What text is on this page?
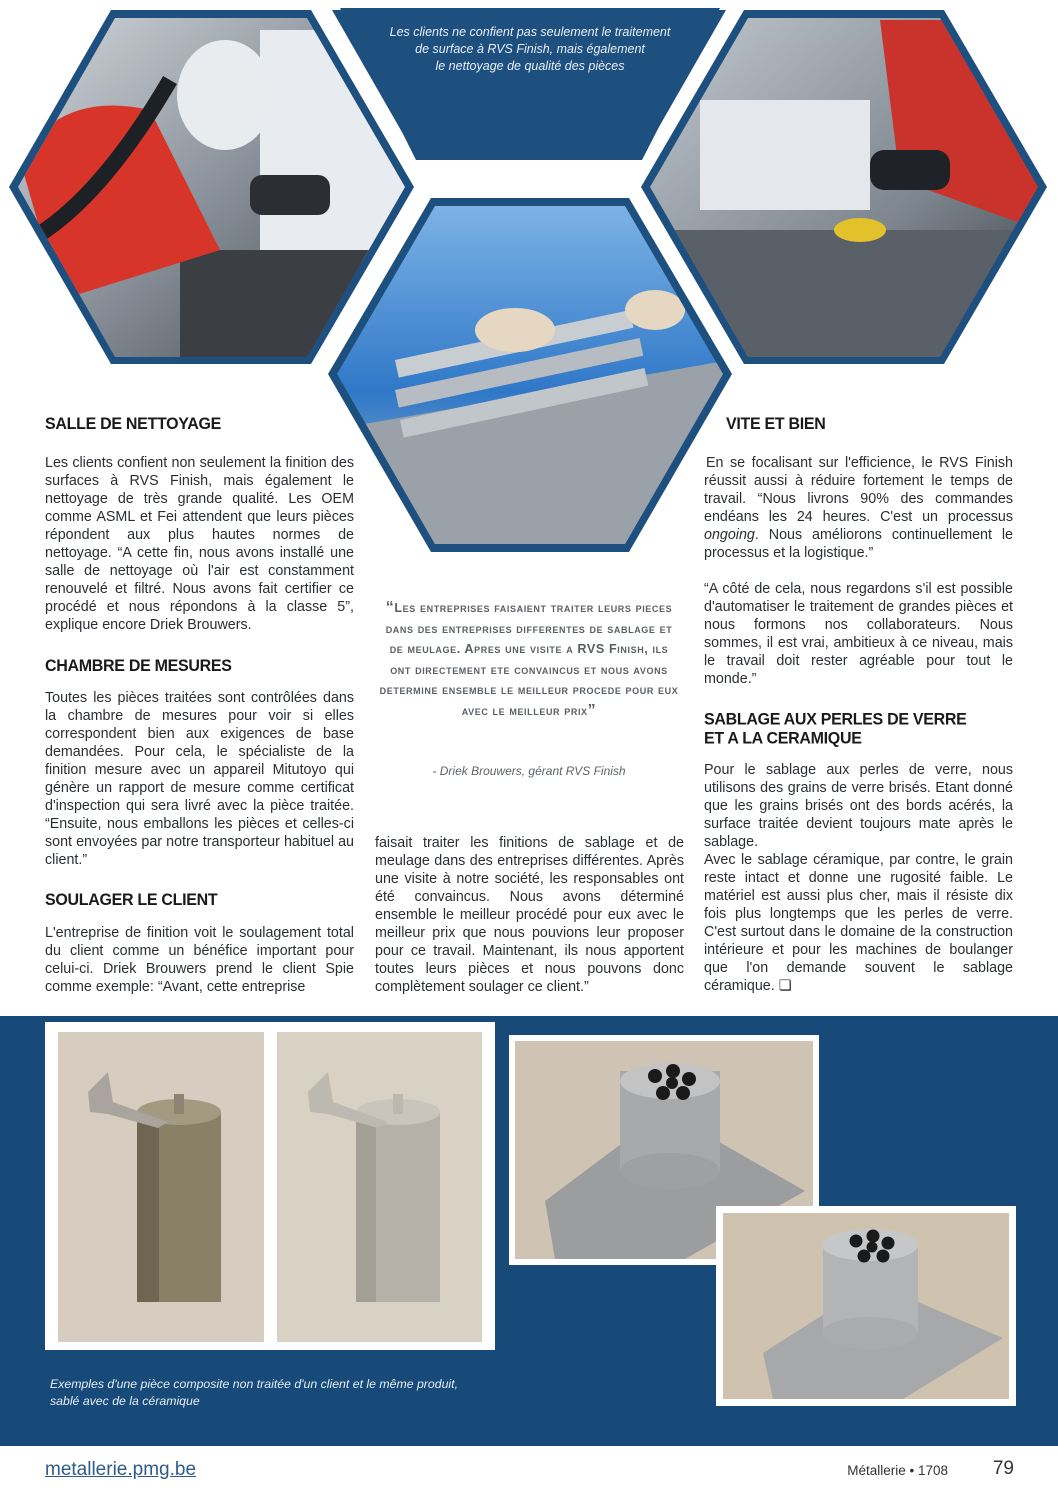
Les clients ne confient pas seulement le traitement
de surface à RVS Finish, mais également
le nettoyage de qualité des pièces
SALLE DE NETTOYAGE

Les clients confient non seulement la finition des surfaces à RVS Finish, mais également le nettoyage de très grande qualité. Les OEM comme ASML et Fei attendent que leurs pièces répondent aux plus hautes normes de nettoyage. “A cette fin, nous avons installé une salle de nettoyage où l'air est constamment renouvelé et filtré. Nous avons fait certifier ce procédé et nous répondons à la classe 5”, explique encore Driek Brouwers.

CHAMBRE DE MESURES

Toutes les pièces traitées sont contrôlées dans la chambre de mesures pour voir si elles correspondent bien aux exigences de base demandées. Pour cela, le spécialiste de la finition mesure avec un appareil Mitutoyo qui génère un rapport de mesure comme certificat d'inspection qui sera livré avec la pièce traitée. “Ensuite, nous emballons les pièces et celles-ci sont envoyées par notre transporteur habituel au client.”

SOULAGER LE CLIENT

L'entreprise de finition voit le soulagement total du client comme un bénéfice important pour celui-ci. Driek Brouwers prend le client Spie comme exemple: “Avant, cette entreprise

“Les entreprises faisaient traiter leurs pieces dans des entreprises differentes de sablage et de meulage. Apres une visite a RVS Finish, ils ont directement ete convaincus et nous avons determine ensemble le meilleur procede pour eux avec le meilleur prix”
- Driek Brouwers, gérant RVS Finish

faisait traiter les finitions de sablage et de meulage dans des entreprises différentes. Après une visite à notre société, les responsables ont été convaincus. Nous avons déterminé ensemble le meilleur procédé pour eux avec le meilleur prix que nous pouvions leur proposer pour ce travail. Maintenant, ils nous apportent toutes leurs pièces et nous pouvons donc complètement soulager ce client.”

VITE ET BIEN

En se focalisant sur l'efficience, le RVS Finish réussit aussi à réduire fortement le temps de travail. “Nous livrons 90% des commandes endéans les 24 heures. C'est un processus ongoing. Nous améliorons continuellement le processus et la logistique.”

“A côté de cela, nous regardons s'il est possible d'automatiser le traitement de grandes pièces et nous formons nos collaborateurs. Nous sommes, il est vrai, ambitieux à ce niveau, mais le travail doit rester agréable pour tout le monde.”

SABLAGE AUX PERLES DE VERRE
ET A LA CERAMIQUE

Pour le sablage aux perles de verre, nous utilisons des grains de verre brisés. Etant donné que les grains brisés ont des bords acérés, la surface traitée devient toujours mate après le sablage.

Avec le sablage céramique, par contre, le grain reste intact et donne une rugosité faible. Le matériel est aussi plus cher, mais il résiste dix fois plus longtemps que les perles de verre. C'est surtout dans le domaine de la construction intérieure et pour les machines de boulanger que l'on demande souvent le sablage céramique. ❏

Exemples d'une pièce composite non traitée d'un client et le même produit,
sablé avec de la céramique
metallerie.pmg.be	Métallerie • 1708 79
